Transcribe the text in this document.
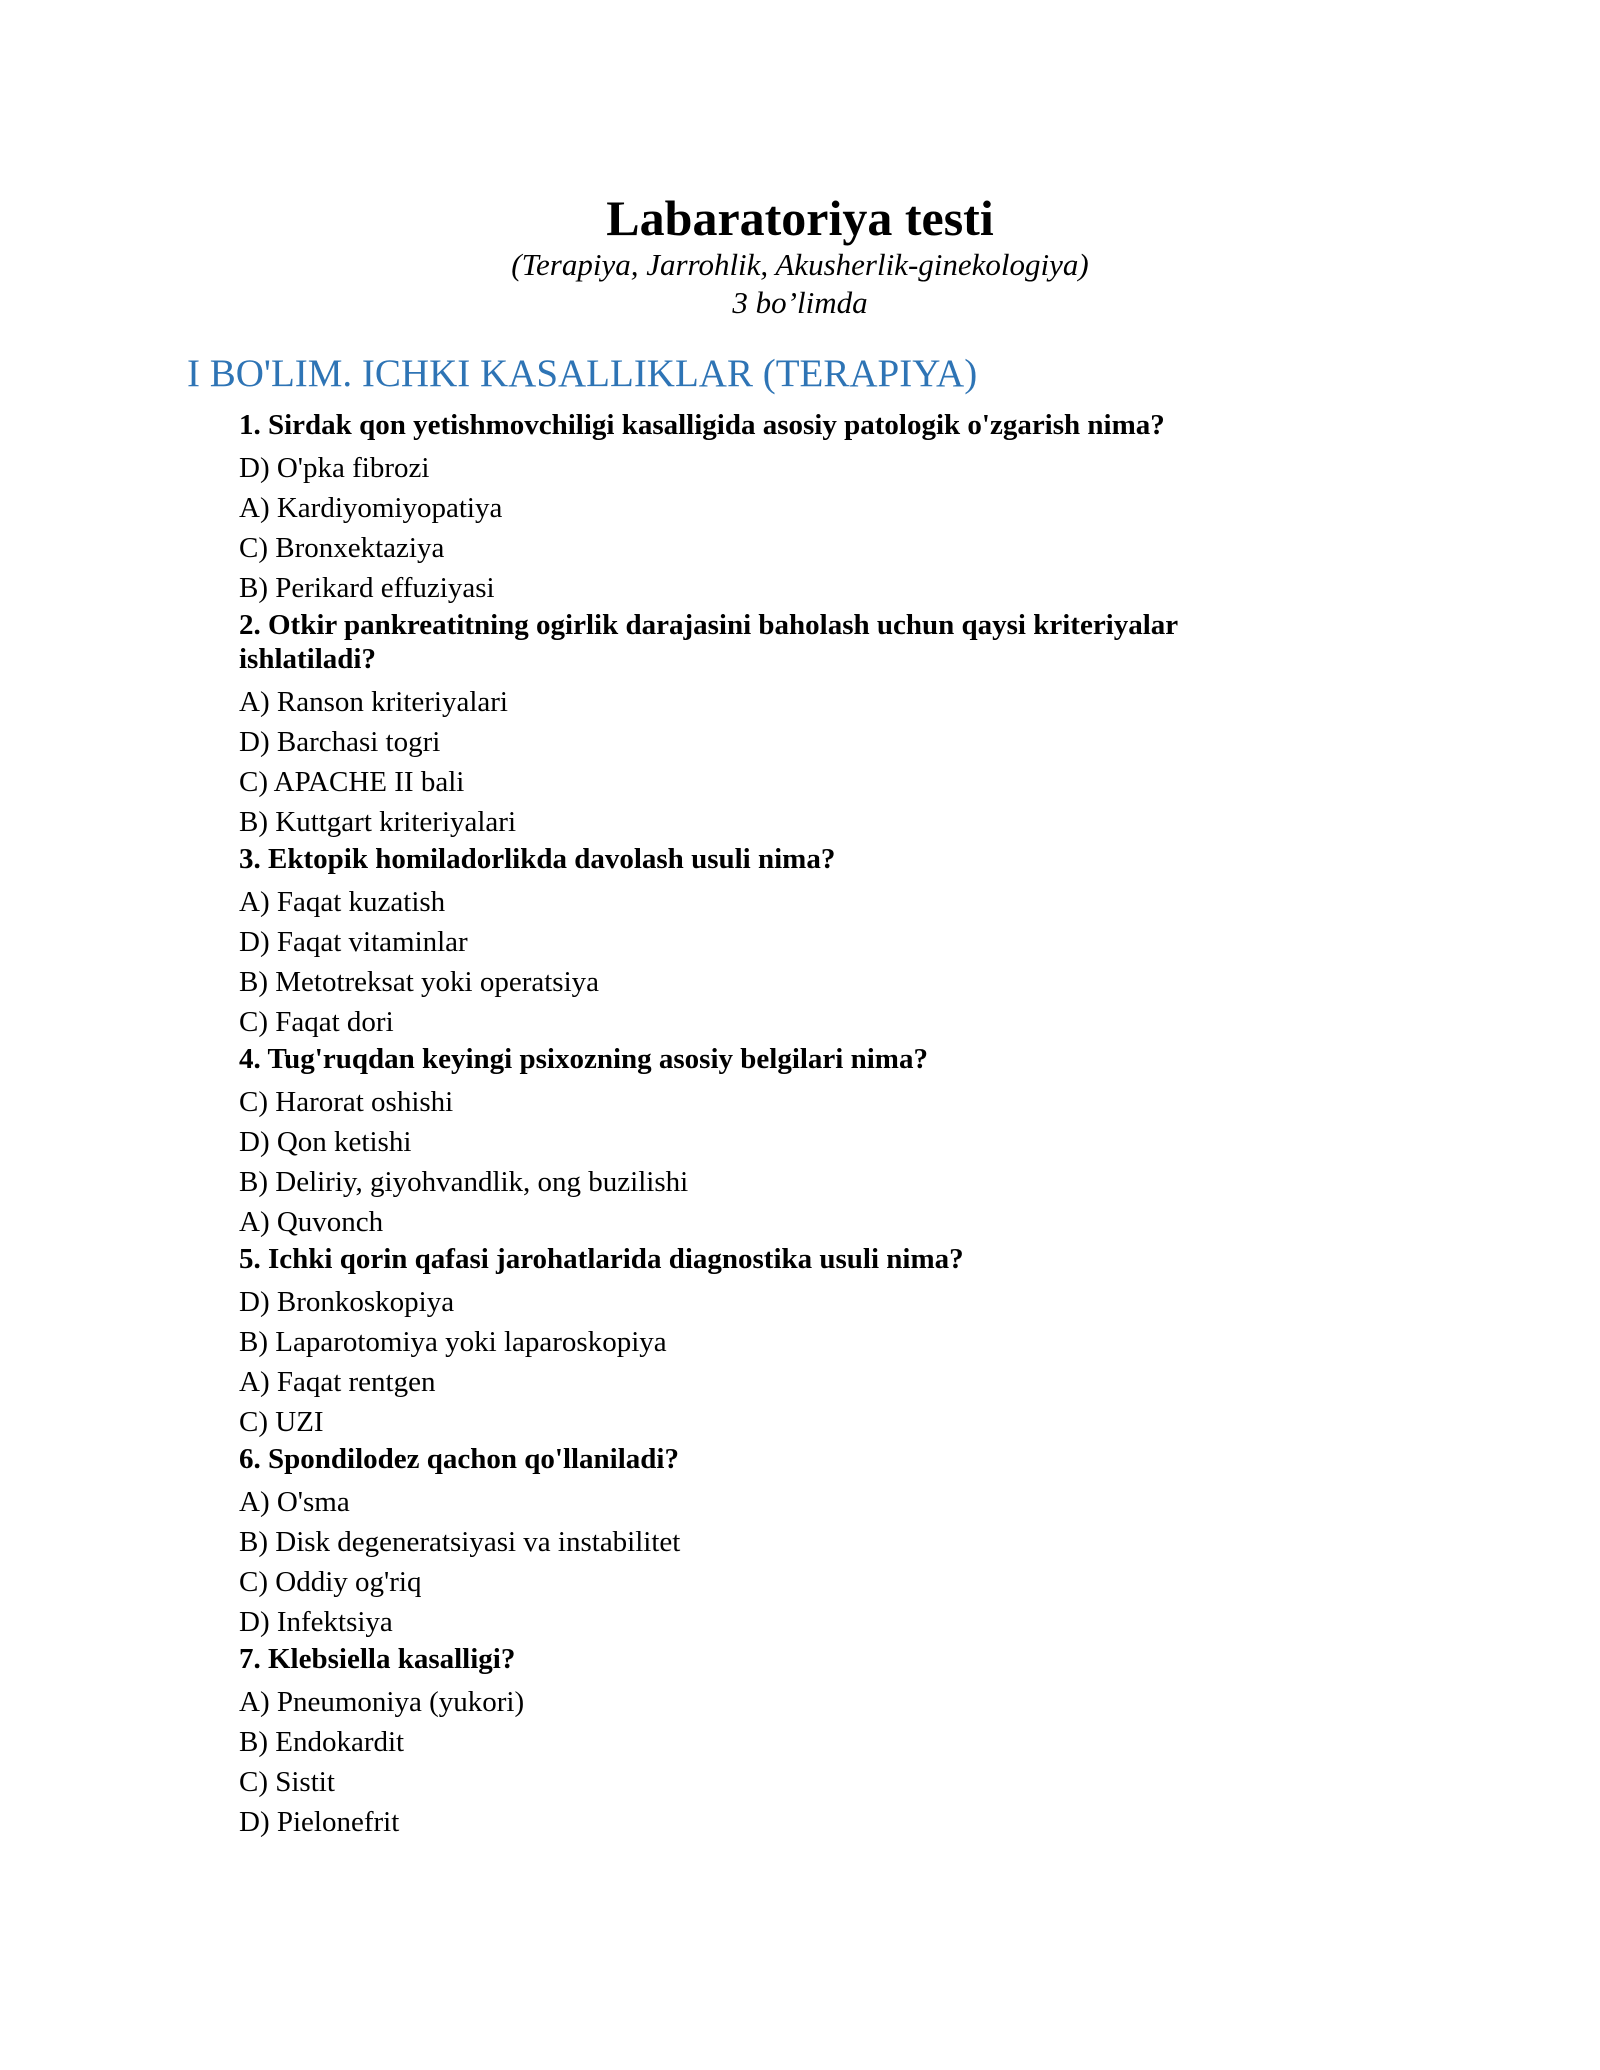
Labaratoriya testi
(Terapiya, Jarrohlik, Akusherlik-ginekologiya)
3 bo’limda
I BO'LIM. ICHKI KASALLIKLAR (TERAPIYA)
1. Sirdak qon yetishmovchiligi kasalligida asosiy patologik o'zgarish nima?
D) O'pka fibrozi
A) Kardiyomiyopatiya
C) Bronxektaziya
B) Perikard effuziyasi
2. Otkir pankreatitning ogirlik darajasini baholash uchun qaysi kriteriyalar ishlatiladi?
A) Ranson kriteriyalari
D) Barchasi togri
C) APACHE II bali
B) Kuttgart kriteriyalari
3. Ektopik homiladorlikda davolash usuli nima?
A) Faqat kuzatish
D) Faqat vitaminlar
B) Metotreksat yoki operatsiya
C) Faqat dori
4. Tug'ruqdan keyingi psixozning asosiy belgilari nima?
C) Harorat oshishi
D) Qon ketishi
B) Deliriy, giyohvandlik, ong buzilishi
A) Quvonch
5. Ichki qorin qafasi jarohatlarida diagnostika usuli nima?
D) Bronkoskopiya
B) Laparotomiya yoki laparoskopiya
A) Faqat rentgen
C) UZI
6. Spondilodez qachon qo'llaniladi?
A) O'sma
B) Disk degeneratsiyasi va instabilitet
C) Oddiy og'riq
D) Infektsiya
7. Klebsiella kasalligi?
A) Pneumoniya (yukori)
B) Endokardit
C) Sistit
D) Pielonefrit
